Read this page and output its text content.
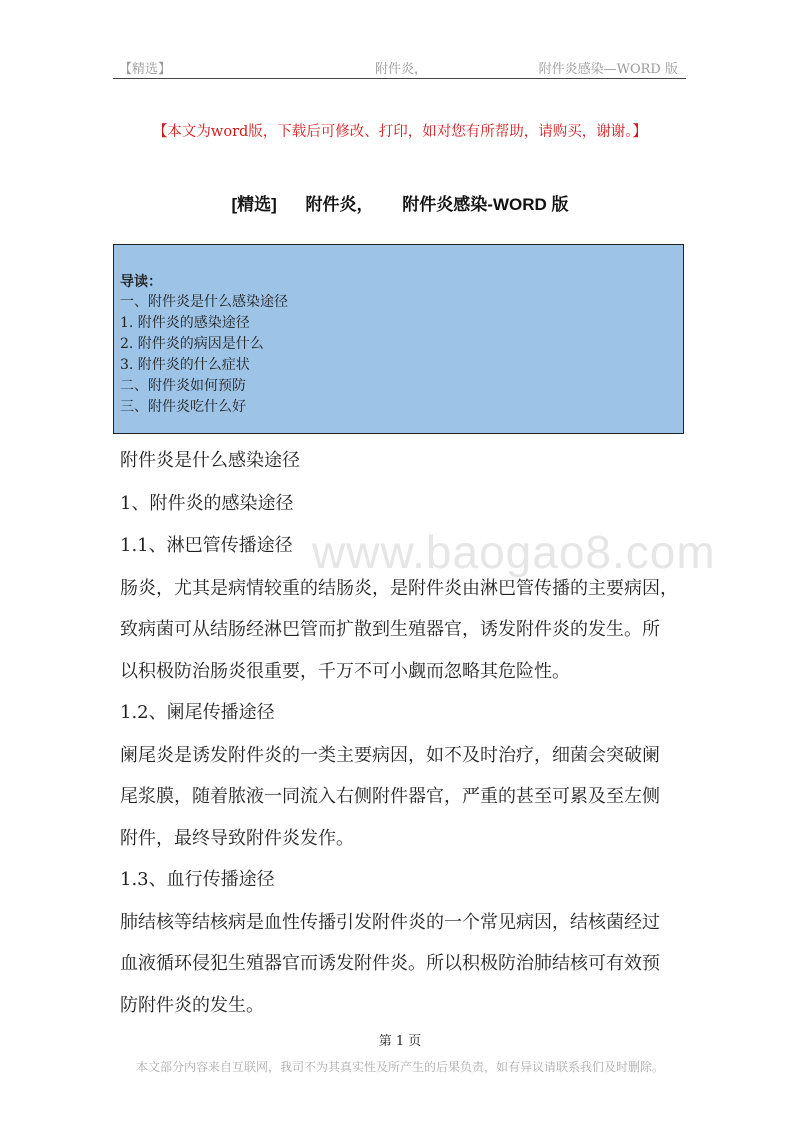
【精选】	附件炎，	附件炎感染—WORD 版
【本文为word版，下载后可修改、打印，如对您有所帮助，请购买，谢谢。】
[精选] 附件炎， 附件炎感染-WORD 版
导读：
一、附件炎是什么感染途径
1. 附件炎的感染途径
2. 附件炎的病因是什么
3. 附件炎的什么症状
二、附件炎如何预防
三、附件炎吃什么好
www.baogao8.com
附件炎是什么感染途径
1、附件炎的感染途径
1.1、淋巴管传播途径
肠炎，尤其是病情较重的结肠炎，是附件炎由淋巴管传播的主要病因，
致病菌可从结肠经淋巴管而扩散到生殖器官，诱发附件炎的发生。所
以积极防治肠炎很重要，千万不可小觑而忽略其危险性。
1.2、阑尾传播途径
阑尾炎是诱发附件炎的一类主要病因，如不及时治疗，细菌会突破阑
尾浆膜，随着脓液一同流入右侧附件器官，严重的甚至可累及至左侧
附件，最终导致附件炎发作。
1.3、血行传播途径
肺结核等结核病是血性传播引发附件炎的一个常见病因，结核菌经过
血液循环侵犯生殖器官而诱发附件炎。所以积极防治肺结核可有效预
防附件炎的发生。
第 1 页
本文部分内容来自互联网，我司不为其真实性及所产生的后果负责，如有异议请联系我们及时删除。
